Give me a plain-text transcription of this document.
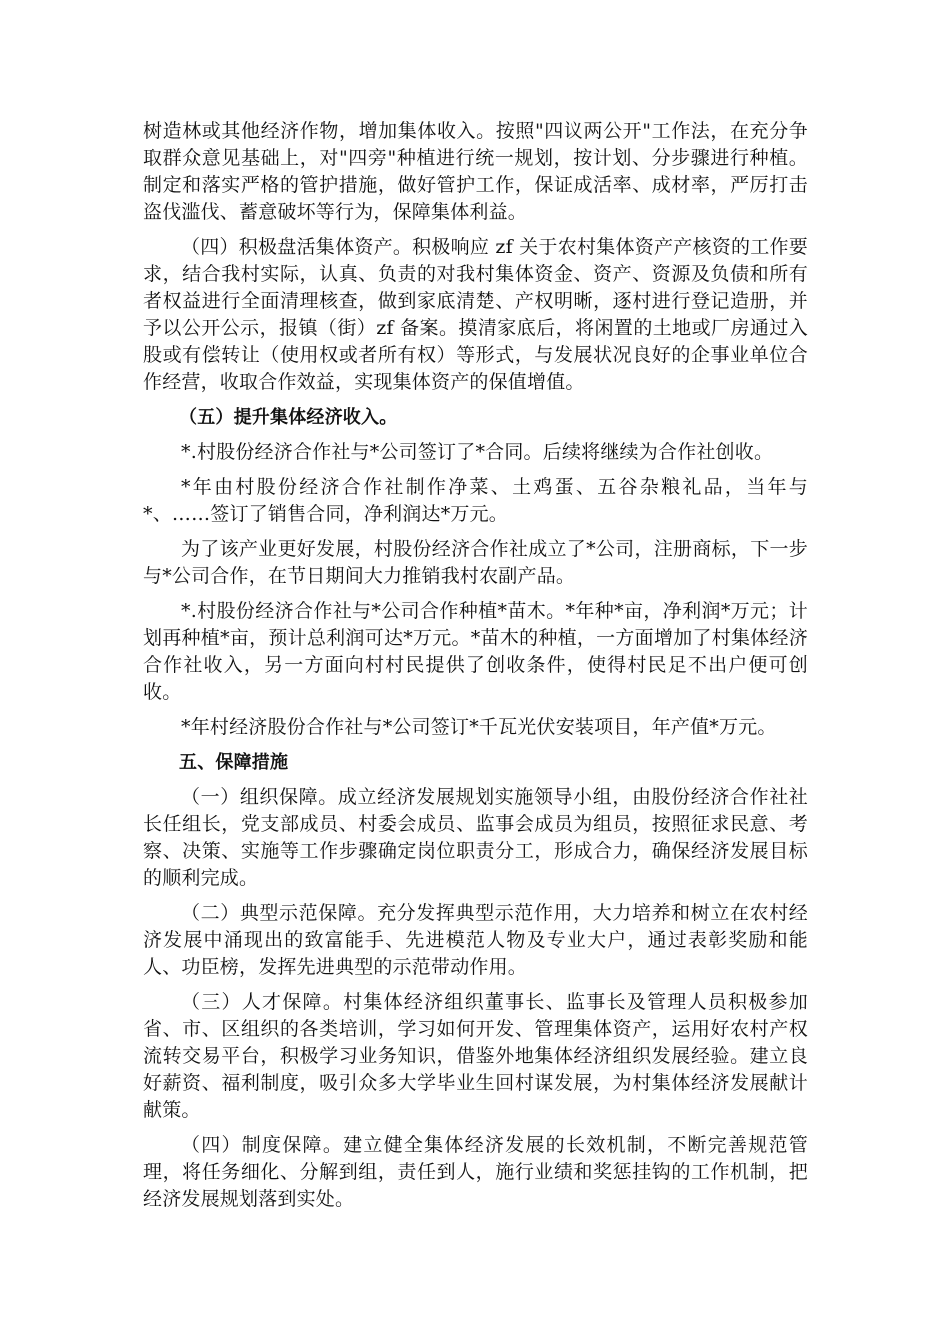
树造林或其他经济作物，增加集体收入。按照"四议两公开"工作法，在充分争取群众意见基础上，对"四旁"种植进行统一规划，按计划、分步骤进行种植。制定和落实严格的管护措施，做好管护工作，保证成活率、成材率，严厉打击盗伐滥伐、蓄意破坏等行为，保障集体利益。

（四）积极盘活集体资产。积极响应 zf 关于农村集体资产产核资的工作要求，结合我村实际，认真、负责的对我村集体资金、资产、资源及负债和所有者权益进行全面清理核查，做到家底清楚、产权明晰，逐村进行登记造册，并予以公开公示，报镇（街）zf 备案。摸清家底后，将闲置的土地或厂房通过入股或有偿转让（使用权或者所有权）等形式，与发展状况良好的企事业单位合作经营，收取合作效益，实现集体资产的保值增值。

（五）提升集体经济收入。

*.村股份经济合作社与*公司签订了*合同。后续将继续为合作社创收。

*年由村股份经济合作社制作净菜、土鸡蛋、五谷杂粮礼品，当年与*、……签订了销售合同，净利润达*万元。

为了该产业更好发展，村股份经济合作社成立了*公司，注册商标，下一步与*公司合作，在节日期间大力推销我村农副产品。

*.村股份经济合作社与*公司合作种植*苗木。*年种*亩，净利润*万元；计划再种植*亩，预计总利润可达*万元。*苗木的种植，一方面增加了村集体经济合作社收入，另一方面向村村民提供了创收条件，使得村民足不出户便可创收。

*年村经济股份合作社与*公司签订*千瓦光伏安装项目，年产值*万元。

五、保障措施

（一）组织保障。成立经济发展规划实施领导小组，由股份经济合作社社长任组长，党支部成员、村委会成员、监事会成员为组员，按照征求民意、考察、决策、实施等工作步骤确定岗位职责分工，形成合力，确保经济发展目标的顺利完成。

（二）典型示范保障。充分发挥典型示范作用，大力培养和树立在农村经济发展中涌现出的致富能手、先进模范人物及专业大户，通过表彰奖励和能人、功臣榜，发挥先进典型的示范带动作用。

（三）人才保障。村集体经济组织董事长、监事长及管理人员积极参加省、市、区组织的各类培训，学习如何开发、管理集体资产，运用好农村产权流转交易平台，积极学习业务知识，借鉴外地集体经济组织发展经验。建立良好薪资、福利制度，吸引众多大学毕业生回村谋发展，为村集体经济发展献计献策。

（四）制度保障。建立健全集体经济发展的长效机制，不断完善规范管理，将任务细化、分解到组，责任到人，施行业绩和奖惩挂钩的工作机制，把经济发展规划落到实处。
